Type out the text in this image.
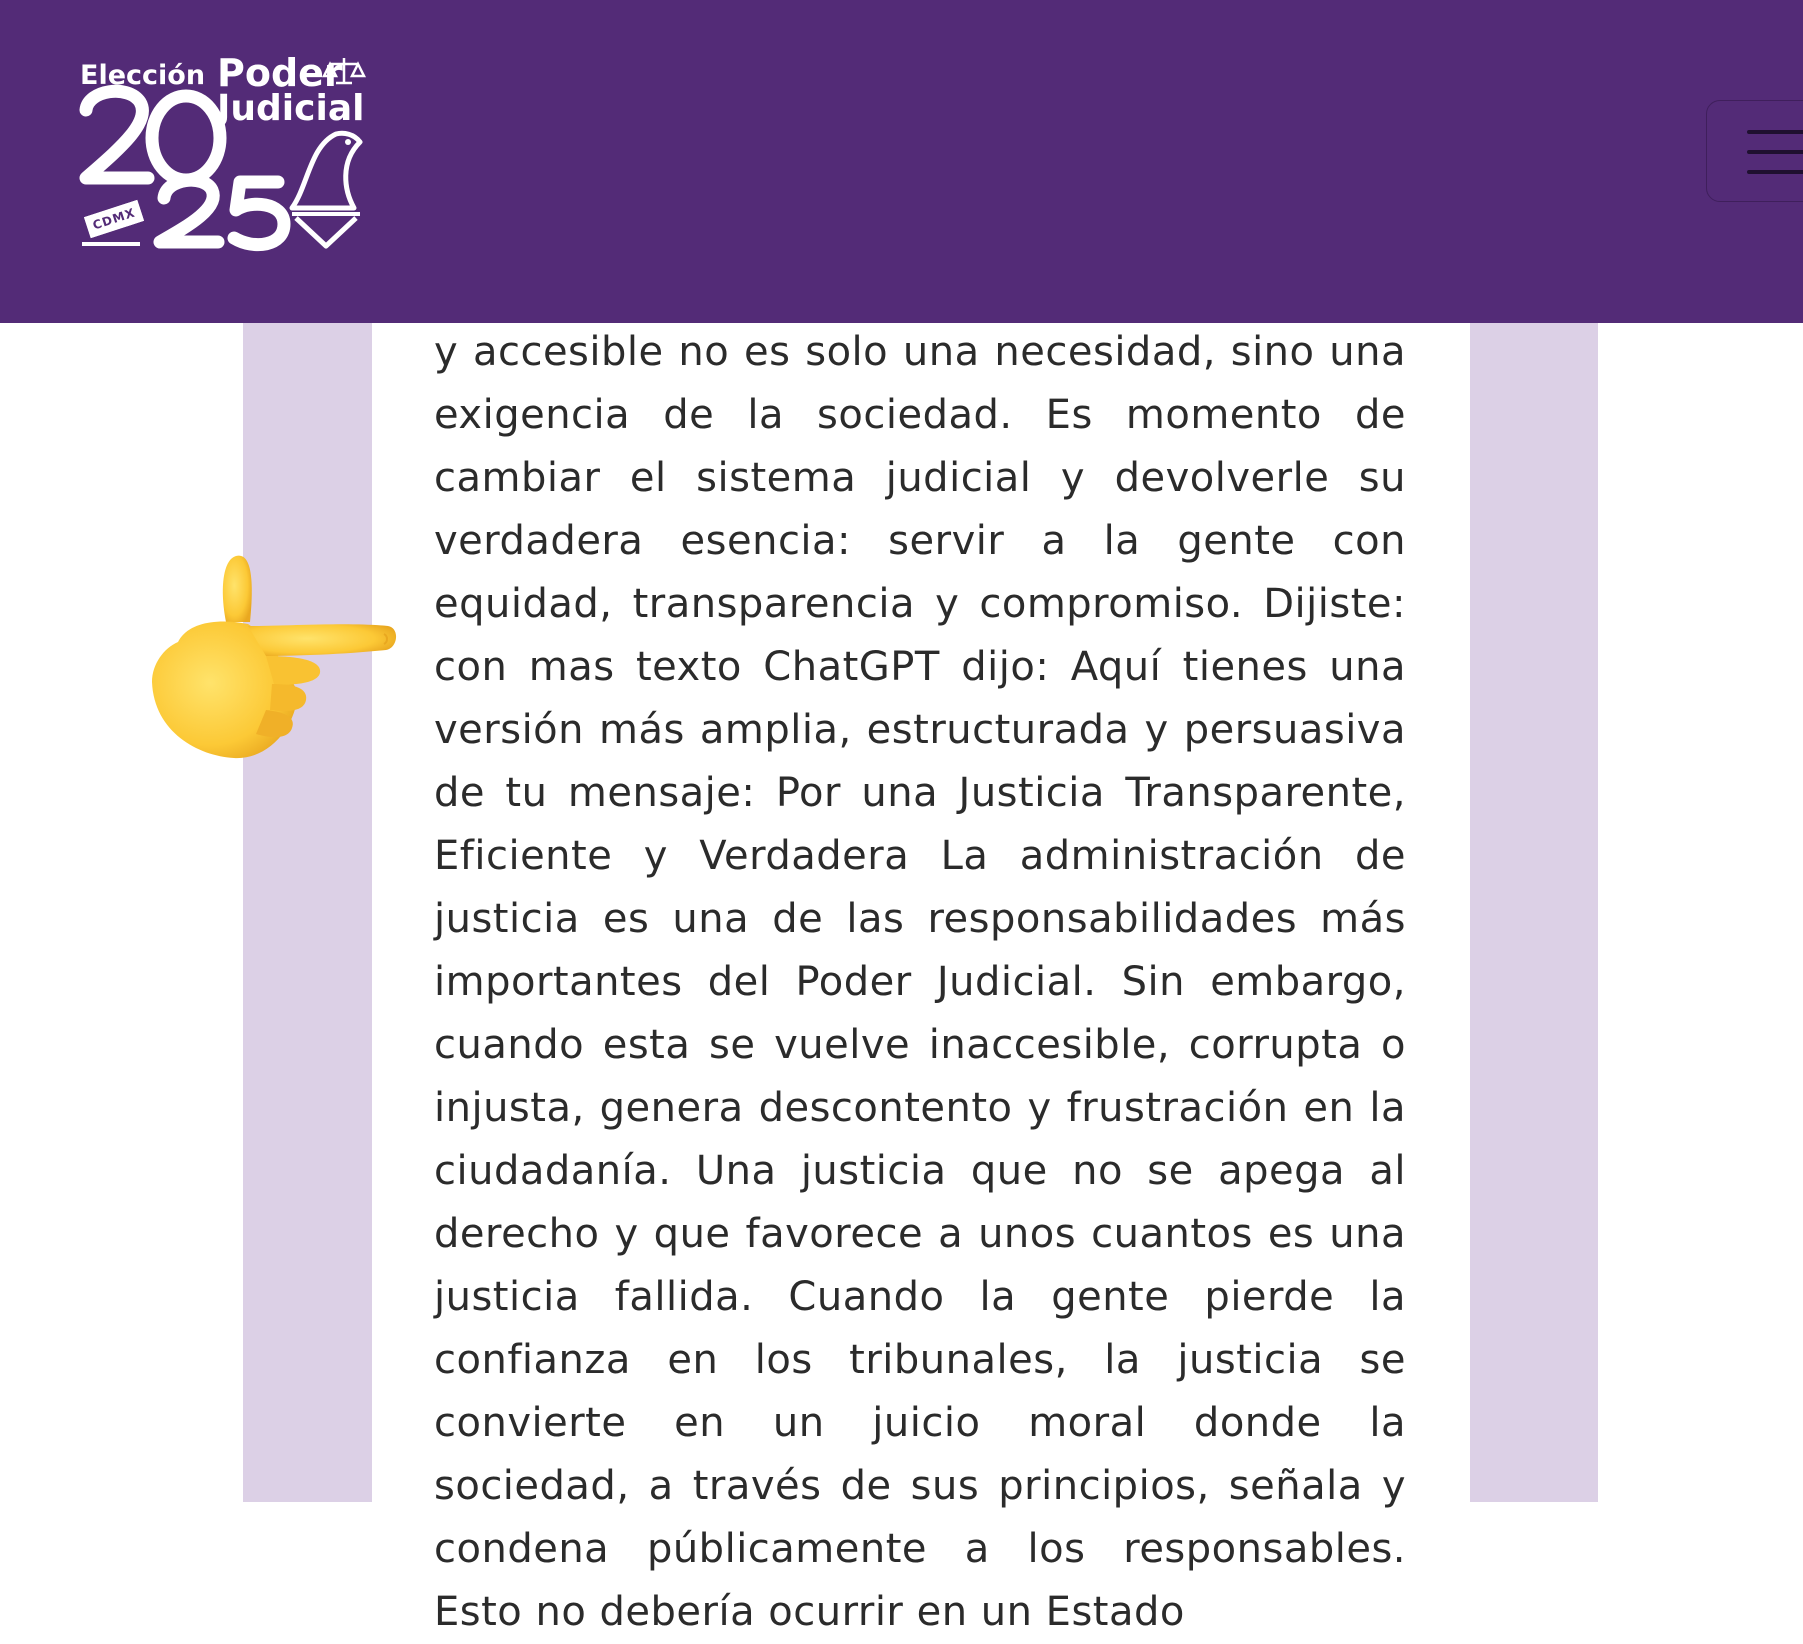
Elección Poder
Judicial
CDMX

y accesible no es solo una necesidad, sino una exigencia de la sociedad. Es momento de cambiar el sistema judicial y devolverle su verdadera esencia: servir a la gente con equidad, transparencia y compromiso. Dijiste: con mas texto ChatGPT dijo: Aquí tienes una versión más amplia, estructurada y persuasiva de tu mensaje: Por una Justicia Transparente, Eficiente y Verdadera La administración de justicia es una de las responsabilidades más importantes del Poder Judicial. Sin embargo, cuando esta se vuelve inaccesible, corrupta o injusta, genera descontento y frustración en la ciudadanía. Una justicia que no se apega al derecho y que favorece a unos cuantos es una justicia fallida. Cuando la gente pierde la confianza en los tribunales, la justicia se convierte en un juicio moral donde la sociedad, a través de sus principios, señala y condena públicamente a los responsables. Esto no debería ocurrir en un Estado
